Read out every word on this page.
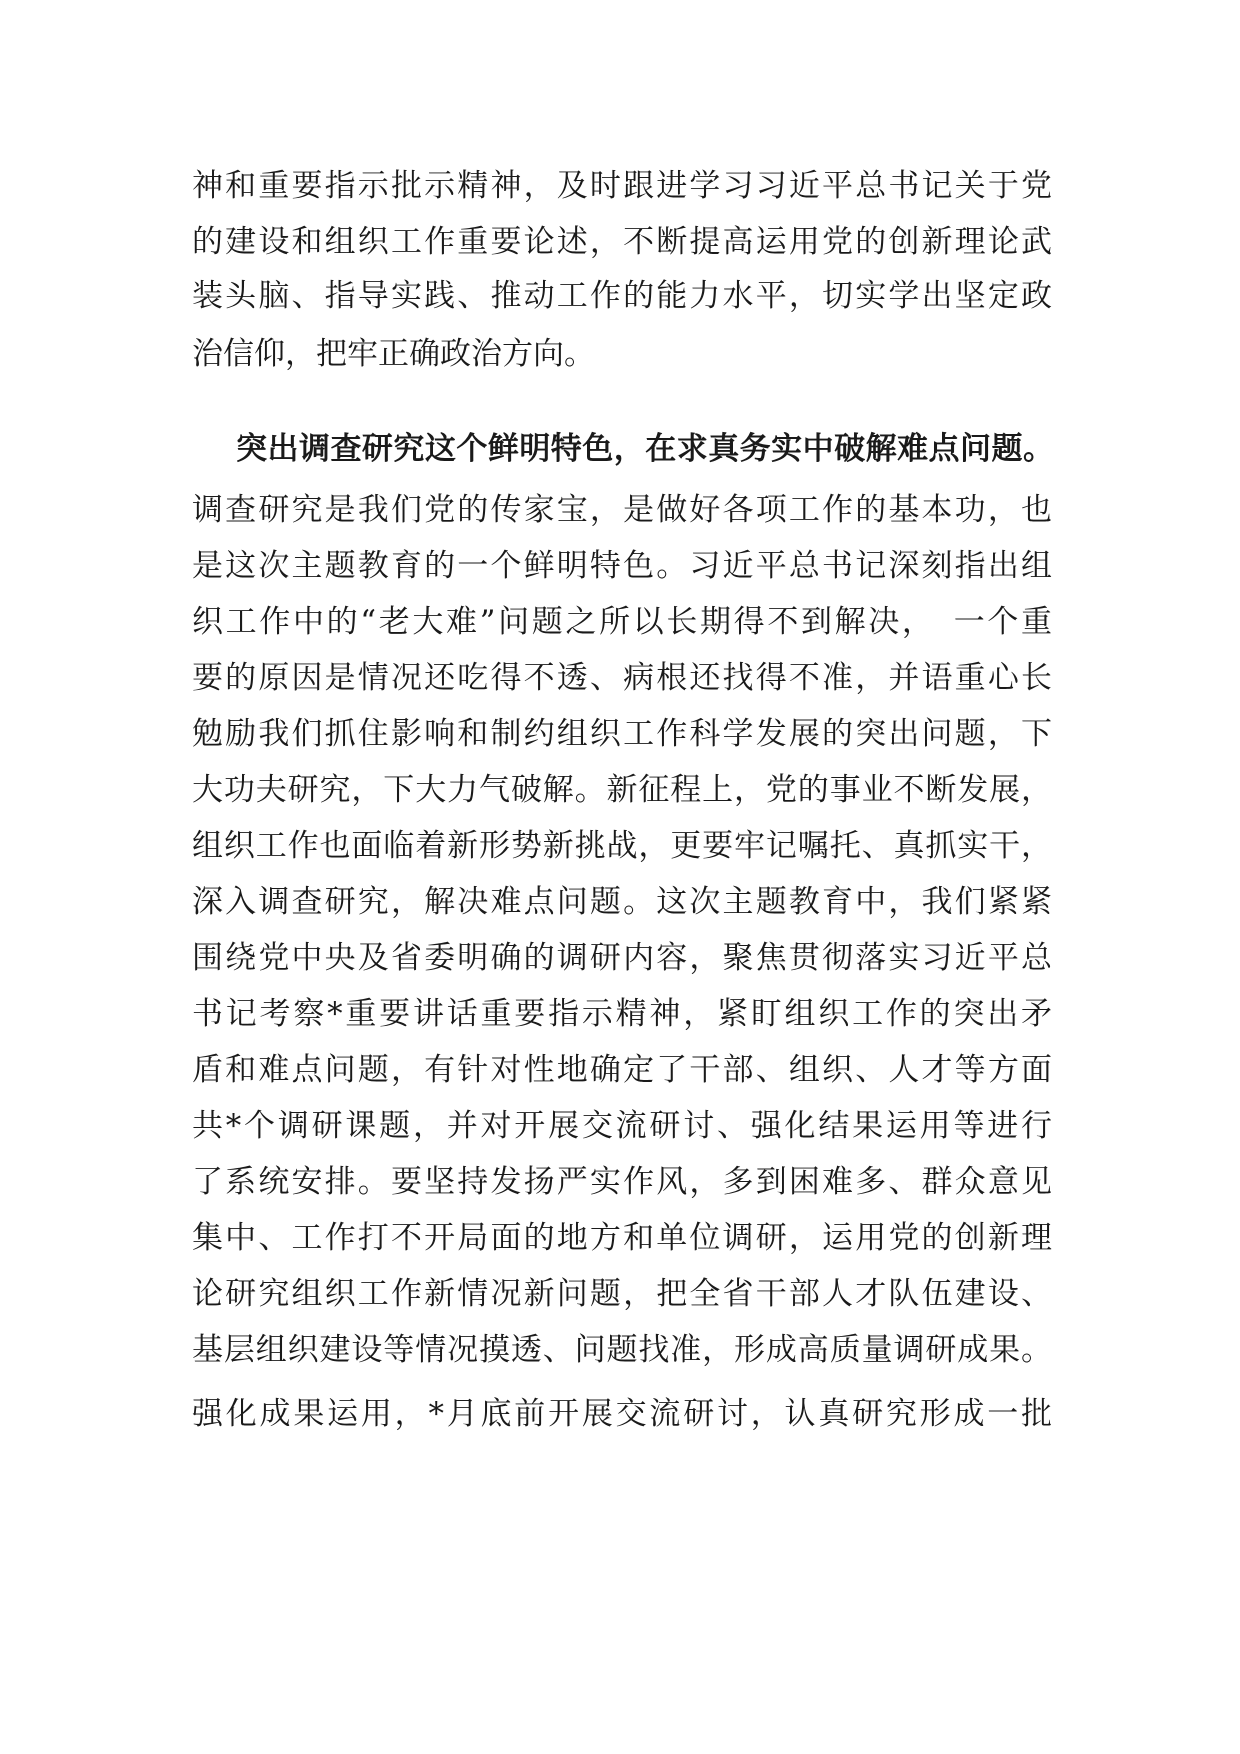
神和重要指示批示精神，及时跟进学习习近平总书记关于党
的建设和组织工作重要论述，不断提高运用党的创新理论武
装头脑、指导实践、推动工作的能力水平，切实学出坚定政
治信仰，把牢正确政治方向。
突出调查研究这个鲜明特色，在求真务实中破解难点问题。
调查研究是我们党的传家宝，是做好各项工作的基本功，也
是这次主题教育的一个鲜明特色。习近平总书记深刻指出组
织工作中的“老大难”问题之所以长期得不到解决，　一个重
要的原因是情况还吃得不透、病根还找得不准，并语重心长
勉励我们抓住影响和制约组织工作科学发展的突出问题，下
大功夫研究，下大力气破解。新征程上，党的事业不断发展，
组织工作也面临着新形势新挑战，更要牢记嘱托、真抓实干，
深入调查研究，解决难点问题。这次主题教育中，我们紧紧
围绕党中央及省委明确的调研内容，聚焦贯彻落实习近平总
书记考察*重要讲话重要指示精神，紧盯组织工作的突出矛
盾和难点问题，有针对性地确定了干部、组织、人才等方面
共*个调研课题，并对开展交流研讨、强化结果运用等进行
了系统安排。要坚持发扬严实作风，多到困难多、群众意见
集中、工作打不开局面的地方和单位调研，运用党的创新理
论研究组织工作新情况新问题，把全省干部人才队伍建设、
基层组织建设等情况摸透、问题找准，形成高质量调研成果。
强化成果运用，*月底前开展交流研讨，认真研究形成一批
